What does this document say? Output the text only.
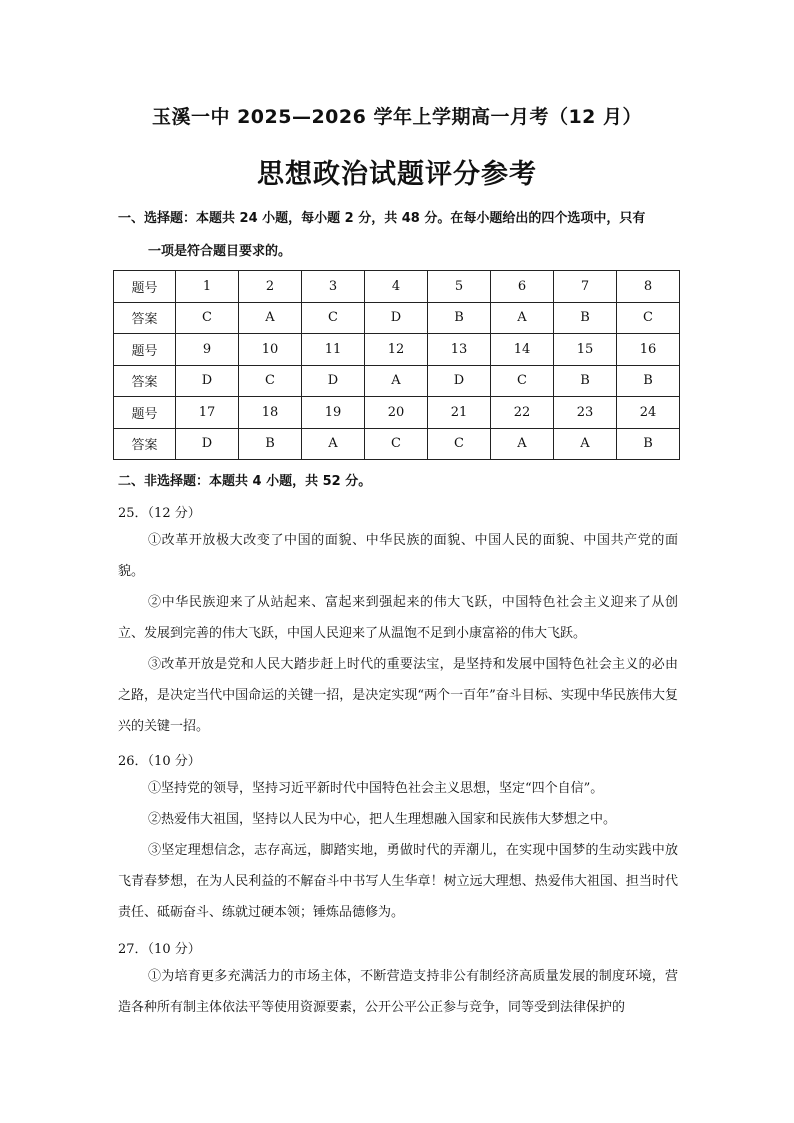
玉溪一中 2025—2026 学年上学期高一月考（12 月）
思想政治试题评分参考
一、选择题：本题共 24 小题，每小题 2 分，共 48 分。在每小题给出的四个选项中，只有
一项是符合题目要求的。
题号	1	2	3	4	5	6	7	8
答案	C	A	C	D	B	A	B	C
题号	9	10	11	12	13	14	15	16
答案	D	C	D	A	D	C	B	B
题号	17	18	19	20	21	22	23	24
答案	D	B	A	C	C	A	A	B
二、非选择题：本题共 4 小题，共 52 分。
25．（12 分）

①改革开放极大改变了中国的面貌、中华民族的面貌、中国人民的面貌、中国共产党的面貌。

②中华民族迎来了从站起来、富起来到强起来的伟大飞跃，中国特色社会主义迎来了从创立、发展到完善的伟大飞跃，中国人民迎来了从温饱不足到小康富裕的伟大飞跃。

③改革开放是党和人民大踏步赶上时代的重要法宝，是坚持和发展中国特色社会主义的必由之路，是决定当代中国命运的关键一招，是决定实现“两个一百年”奋斗目标、实现中华民族伟大复兴的关键一招。

26．（10 分）

①坚持党的领导，坚持习近平新时代中国特色社会主义思想，坚定“四个自信”。

②热爱伟大祖国，坚持以人民为中心，把人生理想融入国家和民族伟大梦想之中。

③坚定理想信念，志存高远，脚踏实地，勇做时代的弄潮儿，在实现中国梦的生动实践中放飞青春梦想，在为人民利益的不解奋斗中书写人生华章！树立远大理想、热爱伟大祖国、担当时代责任、砥砺奋斗、练就过硬本领；锤炼品德修为。

27．（10 分）

①为培育更多充满活力的市场主体，不断营造支持非公有制经济高质量发展的制度环境，营造各种所有制主体依法平等使用资源要素，公开公平公正参与竞争，同等受到法律保护的
